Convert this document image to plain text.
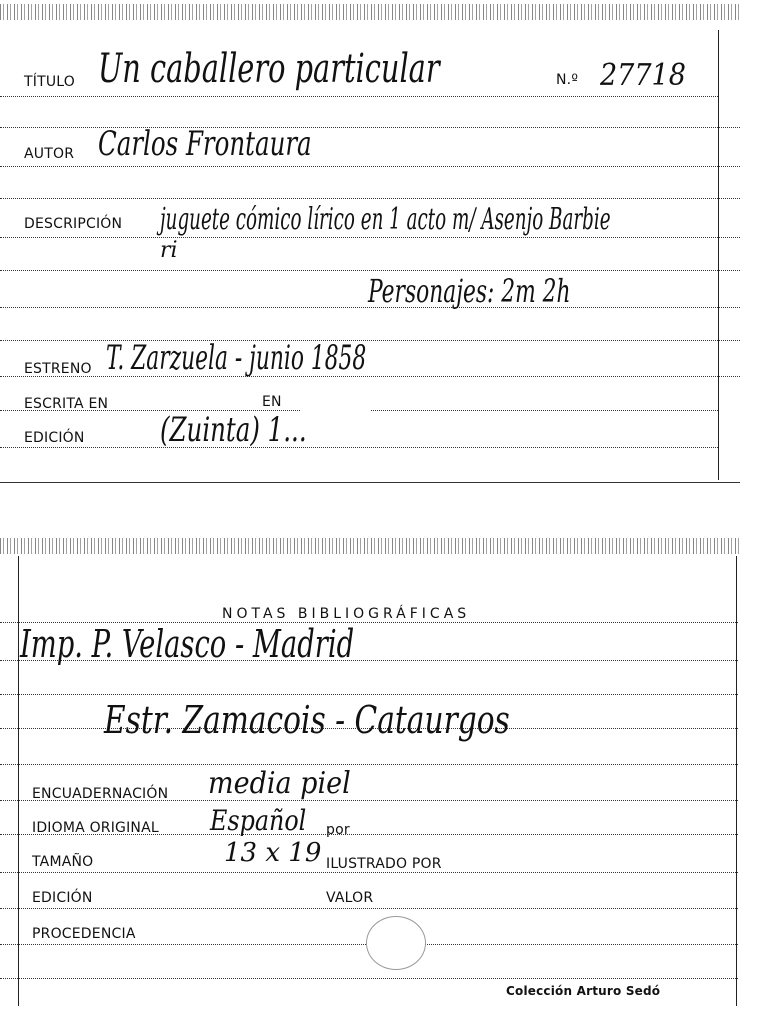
TÍTULO Un caballero particular	N.º 27718
AUTOR Carlos Frontaura
DESCRIPCIÓN juguete cómico lírico en 1 acto m/ Asenjo Barbie
ri
Personajes: 2m 2h
ESTRENO T. Zarzuela - junio 1858
ESCRITA EN	EN
EDICIÓN (Zuinta) 1...
NOTAS BIBLIOGRÁFICAS
Imp. P. Velasco - Madrid
Estr. Zamacois - Cataurgos
ENCUADERNACIÓN media piel
IDIOMA ORIGINAL Español por
TAMAÑO	13 x 19 ILUSTRADO POR
EDICIÓN	VALOR
PROCEDENCIA
Colección Arturo Sedó
